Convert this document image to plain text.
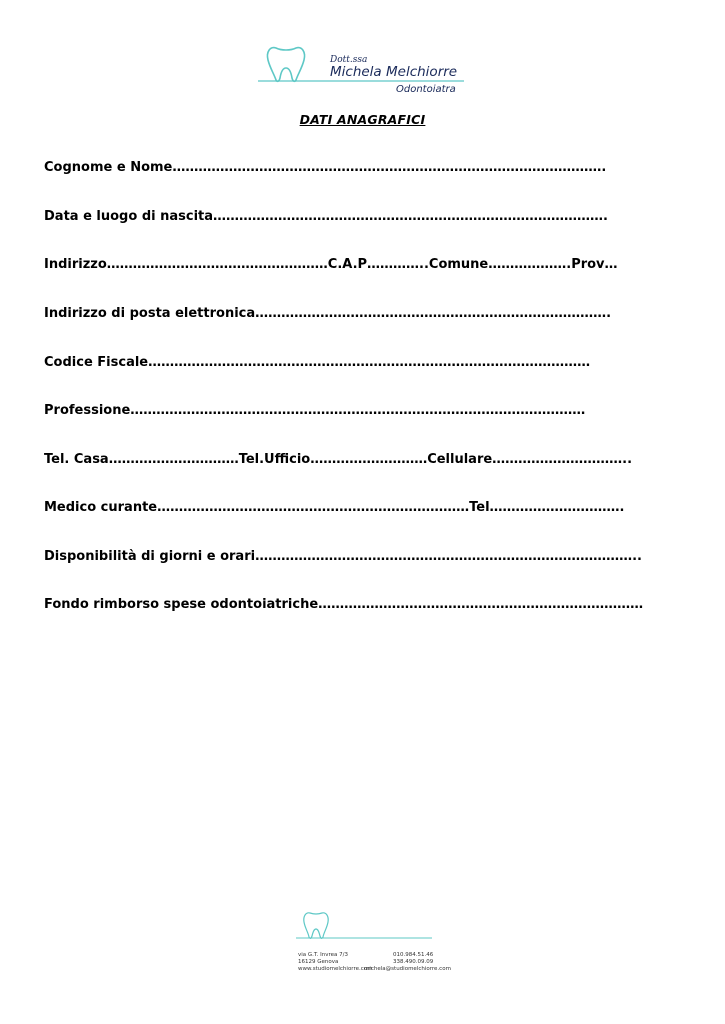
Dott.ssa
Michela Melchiorre
Odontoiatra
DATI ANAGRAFICI
Cognome e Nome……………………………………………………………………………………….
Data e luogo di nascita……………………………………………………………………………….
Indirizzo……………………………………………C.A.P…………..Comune……………….Prov…
Indirizzo di posta elettronica……………………………………………………………………….
Codice Fiscale…………………………………………………………………………………………
Professione……………………………………………………………………………………………
Tel. Casa…………………………Tel.Ufficio………………………Cellulare…………………………..
Medico curante………………………………………………………………Tel………………………….
Disponibilità di giorni e orari……………………………………………………………………………..
Fondo rimborso spese odontoiatriche…………………………………………………………………
via G.T. Invrea 7/3
16129 Genova
010.984.51.46
338.490.09.09
www.studiomelchiorre.com
michela@studiomelchiorre.com
